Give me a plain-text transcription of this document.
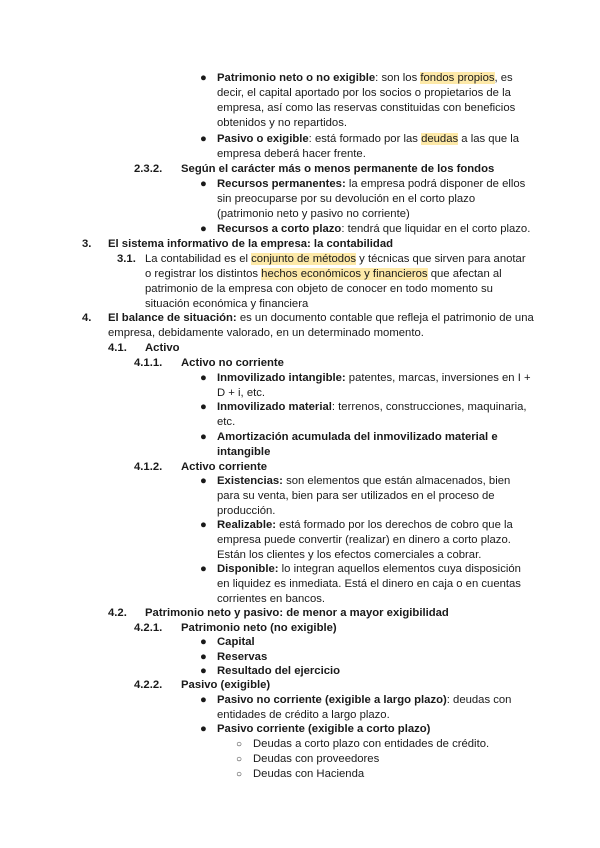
● Patrimonio neto o no exigible: son los fondos propios, es
decir, el capital aportado por los socios o propietarios de la
empresa, así como las reservas constituidas con beneficios
obtenidos y no repartidos.
● Pasivo o exigible: está formado por las deudas a las que la
empresa deberá hacer frente.
2.3.2. Según el carácter más o menos permanente de los fondos
● Recursos permanentes: la empresa podrá disponer de ellos
sin preocuparse por su devolución en el corto plazo
(patrimonio neto y pasivo no corriente)
● Recursos a corto plazo: tendrá que liquidar en el corto plazo.
3. El sistema informativo de la empresa: la contabilidad
3.1. La contabilidad es el conjunto de métodos y técnicas que sirven para anotar
o registrar los distintos hechos económicos y financieros que afectan al
patrimonio de la empresa con objeto de conocer en todo momento su
situación económica y financiera
4. El balance de situación: es un documento contable que refleja el patrimonio de una
empresa, debidamente valorado, en un determinado momento.
4.1. Activo
4.1.1. Activo no corriente
● Inmovilizado intangible: patentes, marcas, inversiones en I +
D + i, etc.
● Inmovilizado material: terrenos, construcciones, maquinaria,
etc.
● Amortización acumulada del inmovilizado material e
intangible
4.1.2. Activo corriente
● Existencias: son elementos que están almacenados, bien
para su venta, bien para ser utilizados en el proceso de
producción.
● Realizable: está formado por los derechos de cobro que la
empresa puede convertir (realizar) en dinero a corto plazo.
Están los clientes y los efectos comerciales a cobrar.
● Disponible: lo integran aquellos elementos cuya disposición
en liquidez es inmediata. Está el dinero en caja o en cuentas
corrientes en bancos.
4.2. Patrimonio neto y pasivo: de menor a mayor exigibilidad
4.2.1. Patrimonio neto (no exigible)
● Capital
● Reservas
● Resultado del ejercicio
4.2.2. Pasivo (exigible)
● Pasivo no corriente (exigible a largo plazo): deudas con
entidades de crédito a largo plazo.
● Pasivo corriente (exigible a corto plazo)
○ Deudas a corto plazo con entidades de crédito.
○ Deudas con proveedores
○ Deudas con Hacienda
